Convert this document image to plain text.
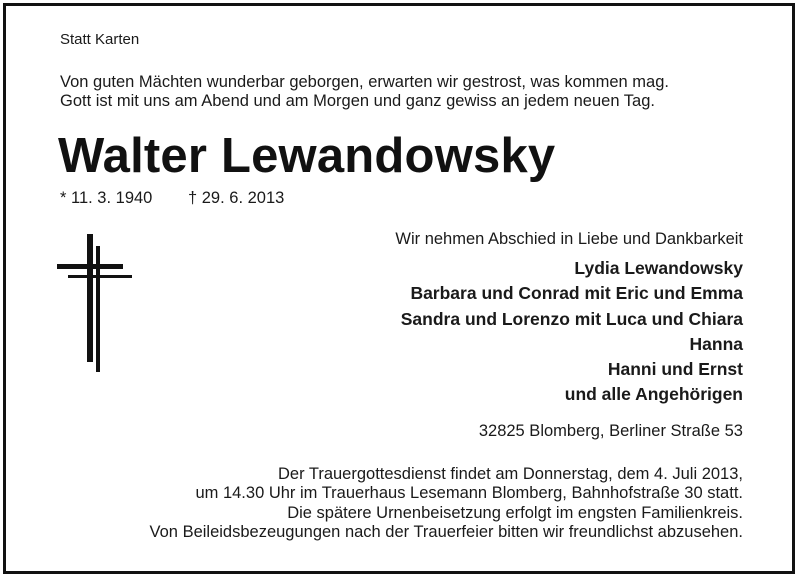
Statt Karten
Von guten Mächten wunderbar geborgen, erwarten wir gestrost, was kommen mag.
Gott ist mit uns am Abend und am Morgen und ganz gewiss an jedem neuen Tag.
Walter Lewandowsky
* 11. 3. 1940 † 29. 6. 2013
Wir nehmen Abschied in Liebe und Dankbarkeit
Lydia Lewandowsky
Barbara und Conrad mit Eric und Emma
Sandra und Lorenzo mit Luca und Chiara
Hanna
Hanni und Ernst
und alle Angehörigen
32825 Blomberg, Berliner Straße 53
Der Trauergottesdienst findet am Donnerstag, dem 4. Juli 2013,
um 14.30 Uhr im Trauerhaus Lesemann Blomberg, Bahnhofstraße 30 statt.
Die spätere Urnenbeisetzung erfolgt im engsten Familienkreis.
Von Beileidsbezeugungen nach der Trauerfeier bitten wir freundlichst abzusehen.
